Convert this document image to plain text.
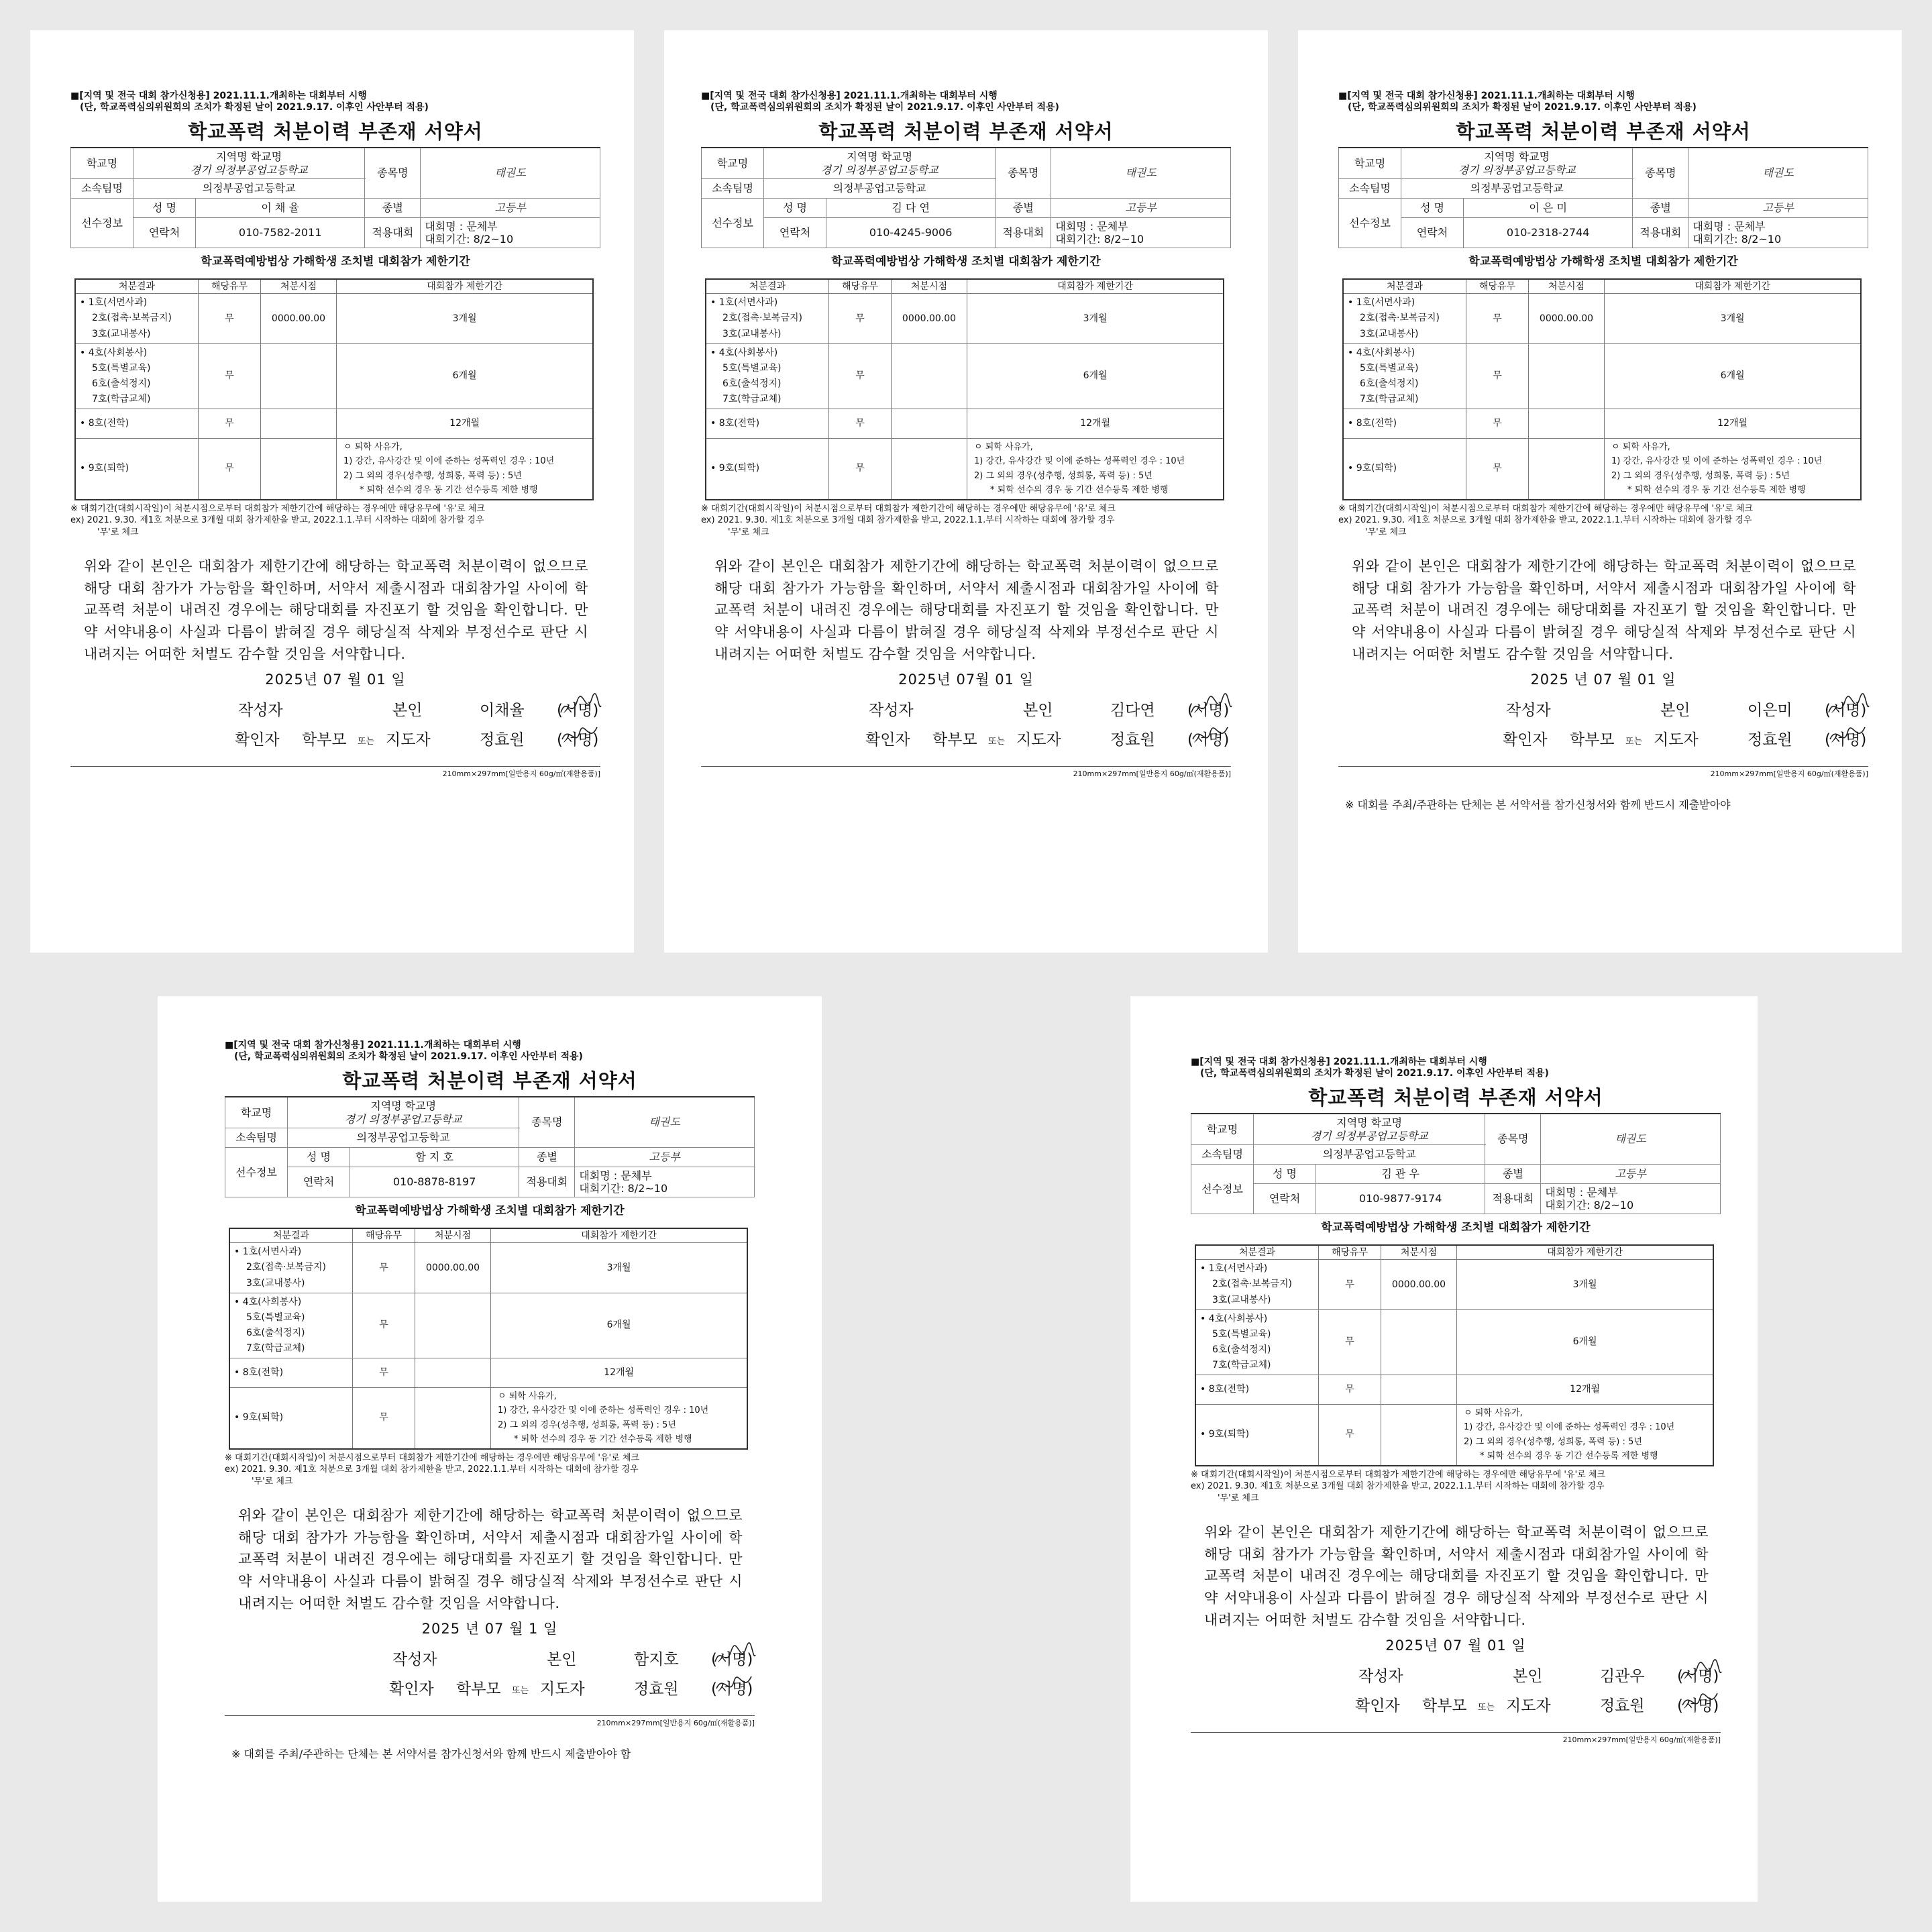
■[지역 및 전국 대회 참가신청용] 2021.11.1.개최하는 대회부터 시행
(단, 학교폭력심의위원회의 조치가 확정된 날이 2021.9.17. 이후인 사안부터 적용)
학교폭력 처분이력 부존재 서약서
학교명	지역명 학교명
경기 의정부공업고등학교		종목명	태권도
소속팀명	의정부공업고등학교			
선수정보	성 명	이 채 율	종별	고등부
	연락처	010-7582-2011	적용대회	대회명 : 문체부
대회기간: 8/2~10
학교폭력예방법상 가해학생 조치별 대회참가 제한기간
처분결과	해당유무	처분시점	대회참가 제한기간

• 1호(서면사과)
2호(접촉·보복금지)
3호(교내봉사)	무	0000.00.00	3개월

• 4호(사회봉사)
5호(특별교육)
6호(출석정지)
7호(학급교체)	무		6개월

• 8호(전학)	무		12개월

• 9호(퇴학)	무		ㅇ 퇴학 사유가,
1) 강간, 유사강간 및 이에 준하는 성폭력인 경우 : 10년
2) 그 외의 경우(성추행, 성희롱, 폭력 등) : 5년
* 퇴학 선수의 경우 동 기간 선수등록 제한 병행
※ 대회기간(대회시작일)이 처분시점으로부터 대회참가 제한기간에 해당하는 경우에만 해당유무에 '유'로 체크
ex) 2021. 9.30. 제1호 처분으로 3개월 대회 참가제한을 받고, 2022.1.1.부터 시작하는 대회에 참가할 경우
'무'로 체크
위와 같이 본인은 대회참가 제한기간에 해당하는 학교폭력 처분이력이 없으므로 해당 대회 참가가 가능함을 확인하며, 서약서 제출시점과 대회참가일 사이에 학교폭력 처분이 내려진 경우에는 해당대회를 자진포기 할 것임을 확인합니다. 만약 서약내용이 사실과 다름이 밝혀질 경우 해당실적 삭제와 부정선수로 판단 시 내려지는 어떠한 처벌도 감수할 것임을 서약합니다.
2025년 07 월 01 일
작성자	본인	이채율 (서명)
확인자 학부모 또는 지도자	정효원 (서명)
210mm×297mm[일반용지 60g/㎡(재활용품)]
■[지역 및 전국 대회 참가신청용] 2021.11.1.개최하는 대회부터 시행
(단, 학교폭력심의위원회의 조치가 확정된 날이 2021.9.17. 이후인 사안부터 적용)
학교폭력 처분이력 부존재 서약서
학교명	지역명 학교명
경기 의정부공업고등학교		종목명	태권도
소속팀명	의정부공업고등학교			
선수정보	성 명	김 다 연	종별	고등부
	연락처	010-4245-9006	적용대회	대회명 : 문체부
대회기간: 8/2~10
학교폭력예방법상 가해학생 조치별 대회참가 제한기간
처분결과	해당유무	처분시점	대회참가 제한기간

• 1호(서면사과)
2호(접촉·보복금지)
3호(교내봉사)	무	0000.00.00	3개월

• 4호(사회봉사)
5호(특별교육)
6호(출석정지)
7호(학급교체)	무		6개월

• 8호(전학)	무		12개월

• 9호(퇴학)	무		ㅇ 퇴학 사유가,
1) 강간, 유사강간 및 이에 준하는 성폭력인 경우 : 10년
2) 그 외의 경우(성추행, 성희롱, 폭력 등) : 5년
* 퇴학 선수의 경우 동 기간 선수등록 제한 병행
※ 대회기간(대회시작일)이 처분시점으로부터 대회참가 제한기간에 해당하는 경우에만 해당유무에 '유'로 체크
ex) 2021. 9.30. 제1호 처분으로 3개월 대회 참가제한을 받고, 2022.1.1.부터 시작하는 대회에 참가할 경우
'무'로 체크
위와 같이 본인은 대회참가 제한기간에 해당하는 학교폭력 처분이력이 없으므로 해당 대회 참가가 가능함을 확인하며, 서약서 제출시점과 대회참가일 사이에 학교폭력 처분이 내려진 경우에는 해당대회를 자진포기 할 것임을 확인합니다. 만약 서약내용이 사실과 다름이 밝혀질 경우 해당실적 삭제와 부정선수로 판단 시 내려지는 어떠한 처벌도 감수할 것임을 서약합니다.
2025년 07월 01 일
작성자	본인	김다연 (서명)
확인자 학부모 또는 지도자	정효원 (서명)
210mm×297mm[일반용지 60g/㎡(재활용품)]
■[지역 및 전국 대회 참가신청용] 2021.11.1.개최하는 대회부터 시행
(단, 학교폭력심의위원회의 조치가 확정된 날이 2021.9.17. 이후인 사안부터 적용)
학교폭력 처분이력 부존재 서약서
학교명	지역명 학교명
경기 의정부공업고등학교		종목명	태권도
소속팀명	의정부공업고등학교			
선수정보	성 명	이 은 미	종별	고등부
	연락처	010-2318-2744	적용대회	대회명 : 문체부
대회기간: 8/2~10
학교폭력예방법상 가해학생 조치별 대회참가 제한기간
처분결과	해당유무	처분시점	대회참가 제한기간

• 1호(서면사과)
2호(접촉·보복금지)
3호(교내봉사)	무	0000.00.00	3개월

• 4호(사회봉사)
5호(특별교육)
6호(출석정지)
7호(학급교체)	무		6개월

• 8호(전학)	무		12개월

• 9호(퇴학)	무		ㅇ 퇴학 사유가,
1) 강간, 유사강간 및 이에 준하는 성폭력인 경우 : 10년
2) 그 외의 경우(성추행, 성희롱, 폭력 등) : 5년
* 퇴학 선수의 경우 동 기간 선수등록 제한 병행
※ 대회기간(대회시작일)이 처분시점으로부터 대회참가 제한기간에 해당하는 경우에만 해당유무에 '유'로 체크
ex) 2021. 9.30. 제1호 처분으로 3개월 대회 참가제한을 받고, 2022.1.1.부터 시작하는 대회에 참가할 경우
'무'로 체크
위와 같이 본인은 대회참가 제한기간에 해당하는 학교폭력 처분이력이 없으므로 해당 대회 참가가 가능함을 확인하며, 서약서 제출시점과 대회참가일 사이에 학교폭력 처분이 내려진 경우에는 해당대회를 자진포기 할 것임을 확인합니다. 만약 서약내용이 사실과 다름이 밝혀질 경우 해당실적 삭제와 부정선수로 판단 시 내려지는 어떠한 처벌도 감수할 것임을 서약합니다.
2025 년 07 월 01 일
작성자	본인	이은미 (서명)
확인자 학부모 또는 지도자	정효원 (서명)
210mm×297mm[일반용지 60g/㎡(재활용품)]
※ 대회를 주최/주관하는 단체는 본 서약서를 참가신청서와 함께 반드시 제출받아야
■[지역 및 전국 대회 참가신청용] 2021.11.1.개최하는 대회부터 시행
(단, 학교폭력심의위원회의 조치가 확정된 날이 2021.9.17. 이후인 사안부터 적용)
학교폭력 처분이력 부존재 서약서
학교명	지역명 학교명
경기 의정부공업고등학교		종목명	태권도
소속팀명	의정부공업고등학교			
선수정보	성 명	함 지 호	종별	고등부
	연락처	010-8878-8197	적용대회	대회명 : 문체부
대회기간: 8/2~10
학교폭력예방법상 가해학생 조치별 대회참가 제한기간
처분결과	해당유무	처분시점	대회참가 제한기간

• 1호(서면사과)
2호(접촉·보복금지)
3호(교내봉사)	무	0000.00.00	3개월

• 4호(사회봉사)
5호(특별교육)
6호(출석정지)
7호(학급교체)	무		6개월

• 8호(전학)	무		12개월

• 9호(퇴학)	무		ㅇ 퇴학 사유가,
1) 강간, 유사강간 및 이에 준하는 성폭력인 경우 : 10년
2) 그 외의 경우(성추행, 성희롱, 폭력 등) : 5년
* 퇴학 선수의 경우 동 기간 선수등록 제한 병행
※ 대회기간(대회시작일)이 처분시점으로부터 대회참가 제한기간에 해당하는 경우에만 해당유무에 '유'로 체크
ex) 2021. 9.30. 제1호 처분으로 3개월 대회 참가제한을 받고, 2022.1.1.부터 시작하는 대회에 참가할 경우
'무'로 체크
위와 같이 본인은 대회참가 제한기간에 해당하는 학교폭력 처분이력이 없으므로 해당 대회 참가가 가능함을 확인하며, 서약서 제출시점과 대회참가일 사이에 학교폭력 처분이 내려진 경우에는 해당대회를 자진포기 할 것임을 확인합니다. 만약 서약내용이 사실과 다름이 밝혀질 경우 해당실적 삭제와 부정선수로 판단 시 내려지는 어떠한 처벌도 감수할 것임을 서약합니다.
2025 년 07 월 1 일
작성자	본인	함지호 (서명)
확인자 학부모 또는 지도자	정효원 (서명)
210mm×297mm[일반용지 60g/㎡(재활용품)]
※ 대회를 주최/주관하는 단체는 본 서약서를 참가신청서와 함께 반드시 제출받아야 함
■[지역 및 전국 대회 참가신청용] 2021.11.1.개최하는 대회부터 시행
(단, 학교폭력심의위원회의 조치가 확정된 날이 2021.9.17. 이후인 사안부터 적용)
학교폭력 처분이력 부존재 서약서
학교명	지역명 학교명
경기 의정부공업고등학교		종목명	태권도
소속팀명	의정부공업고등학교			
선수정보	성 명	김 관 우	종별	고등부
	연락처	010-9877-9174	적용대회	대회명 : 문체부
대회기간: 8/2~10
학교폭력예방법상 가해학생 조치별 대회참가 제한기간
처분결과	해당유무	처분시점	대회참가 제한기간

• 1호(서면사과)
2호(접촉·보복금지)
3호(교내봉사)	무	0000.00.00	3개월

• 4호(사회봉사)
5호(특별교육)
6호(출석정지)
7호(학급교체)	무		6개월

• 8호(전학)	무		12개월

• 9호(퇴학)	무		ㅇ 퇴학 사유가,
1) 강간, 유사강간 및 이에 준하는 성폭력인 경우 : 10년
2) 그 외의 경우(성추행, 성희롱, 폭력 등) : 5년
* 퇴학 선수의 경우 동 기간 선수등록 제한 병행
※ 대회기간(대회시작일)이 처분시점으로부터 대회참가 제한기간에 해당하는 경우에만 해당유무에 '유'로 체크
ex) 2021. 9.30. 제1호 처분으로 3개월 대회 참가제한을 받고, 2022.1.1.부터 시작하는 대회에 참가할 경우
'무'로 체크
위와 같이 본인은 대회참가 제한기간에 해당하는 학교폭력 처분이력이 없으므로 해당 대회 참가가 가능함을 확인하며, 서약서 제출시점과 대회참가일 사이에 학교폭력 처분이 내려진 경우에는 해당대회를 자진포기 할 것임을 확인합니다. 만약 서약내용이 사실과 다름이 밝혀질 경우 해당실적 삭제와 부정선수로 판단 시 내려지는 어떠한 처벌도 감수할 것임을 서약합니다.
2025년 07 월 01 일
작성자	본인	김관우 (서명)
확인자 학부모 또는 지도자	정효원 (서명)
210mm×297mm[일반용지 60g/㎡(재활용품)]
